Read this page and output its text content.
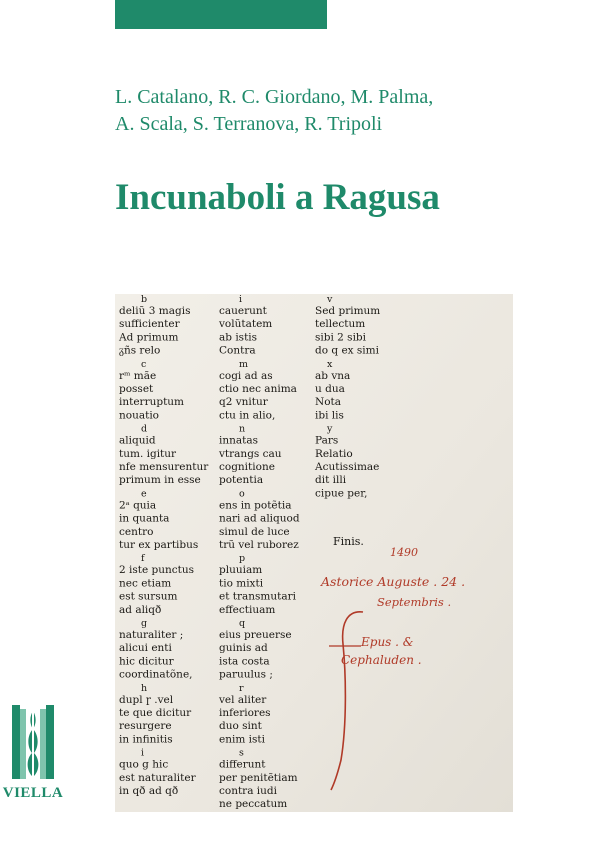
L. Catalano, R. C. Giordano, M. Palma,
A. Scala, S. Terranova, R. Tripoli
Incunaboli a Ragusa
b
deliũ 3 magis
sufficienter
Ad primum
ᵹñs relo
c
rᵐ mãe
posset
interruptum
nouatio
d
aliquid
tum. igitur
nfe mensurentur
primum in esse
e
2ᵃ quia
in quanta
centro
tur ex partibus
f
2 iste punctus
nec etiam
est sursum
ad aliqð
g
naturaliter ;
alicui enti
hic dicitur
coordinatõne,
h
dupl ɼ .vel
te que dicitur
resurgere
in infinitis
i
quo g hic
est naturaliter
in qð ad qð
i
cauerunt
volũtatem
ab istis
Contra
m
cogi ad as
ctio nec anima
q2 vnitur
ctu in alio,
n
innatas
vtrangs cau
cognitione
potentia
o
ens in potẽtia
nari ad aliquod
simul de luce
trũ vel ruborez
p
pluuiam
tio mixti
et transmutari
effectiuam
q
eius preuerse
guinis ad
ista costa
paruulus ;
r
vel aliter
inferiores
duo sint
enim isti
s
differunt
per penitẽtiam
contra iudi
ne peccatum
v
Sed primum
tellectum
sibi 2 sibi
do q ex simi
x
ab vna
u dua
Nota
ibi lis
y
Pars
Relatio
Acutissimae
dit illi
cipue per,
Finis.
1490
Astorice Auguste . 24 .
Septembris .
Epus . &
Cephaluden .
VIELLA
